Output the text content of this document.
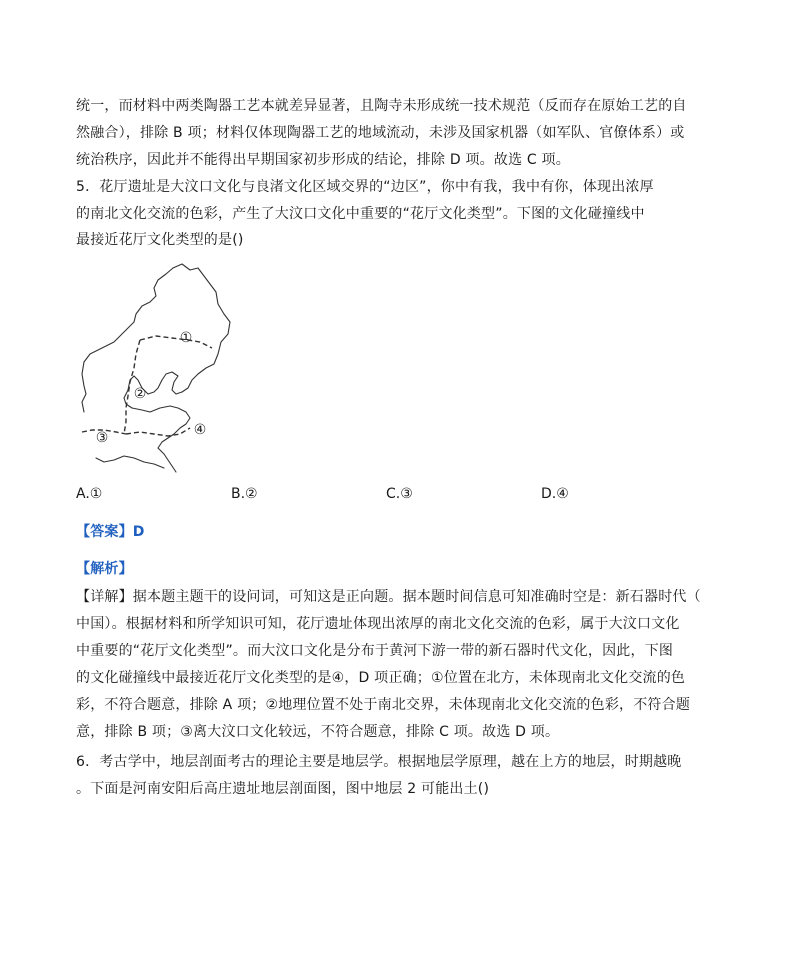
统一，而材料中两类陶器工艺本就差异显著，且陶寺未形成统一技术规范（反而存在原始工艺的自
然融合），排除 B 项；材料仅体现陶器工艺的地域流动，未涉及国家机器（如军队、官僚体系）或
统治秩序，因此并不能得出早期国家初步形成的结论，排除 D 项。故选 C 项。
5．花厅遗址是大汶口文化与良渚文化区域交界的“边区”，你中有我，我中有你，体现出浓厚
的南北文化交流的色彩，产生了大汶口文化中重要的“花厅文化类型”。下图的文化碰撞线中
最接近花厅文化类型的是()
①
②
③	④
A.①	B.②	C.③	D.④
【答案】D
【解析】
【详解】据本题主题干的设问词，可知这是正向题。据本题时间信息可知准确时空是：新石器时代（
中国）。根据材料和所学知识可知，花厅遗址体现出浓厚的南北文化交流的色彩，属于大汶口文化
中重要的“花厅文化类型”。而大汶口文化是分布于黄河下游一带的新石器时代文化，因此，下图
的文化碰撞线中最接近花厅文化类型的是④，D 项正确；①位置在北方，未体现南北文化交流的色
彩，不符合题意，排除 A 项；②地理位置不处于南北交界，未体现南北文化交流的色彩，不符合题
意，排除 B 项；③离大汶口文化较远，不符合题意，排除 C 项。故选 D 项。
6．考古学中，地层剖面考古的理论主要是地层学。根据地层学原理，越在上方的地层，时期越晚
。下面是河南安阳后高庄遗址地层剖面图，图中地层 2 可能出土()
